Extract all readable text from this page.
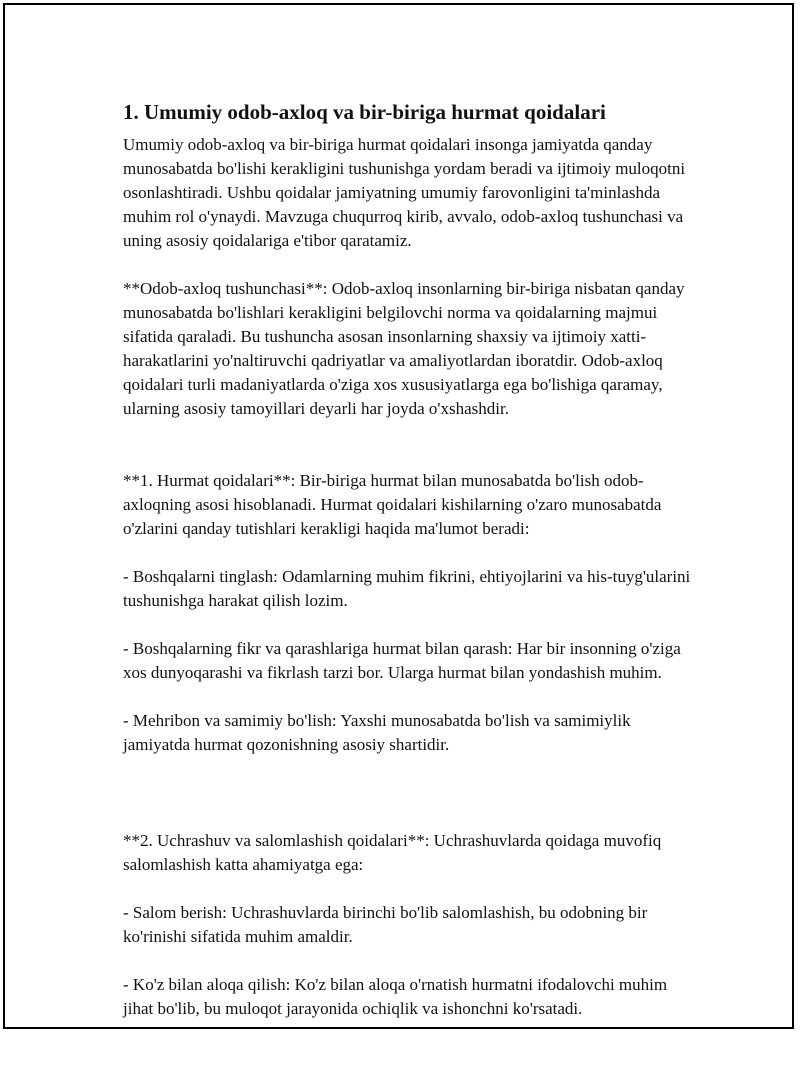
1. Umumiy odob-axloq va bir-biriga hurmat qoidalari

Umumiy odob-axloq va bir-biriga hurmat qoidalari insonga jamiyatda qanday munosabatda bo'lishi kerakligini tushunishga yordam beradi va ijtimoiy muloqotni osonlashtiradi. Ushbu qoidalar jamiyatning umumiy farovonligini ta'minlashda muhim rol o'ynaydi. Mavzuga chuqurroq kirib, avvalo, odob-axloq tushunchasi va uning asosiy qoidalariga e'tibor qaratamiz.

**Odob-axloq tushunchasi**: Odob-axloq insonlarning bir-biriga nisbatan qanday munosabatda bo'lishlari kerakligini belgilovchi norma va qoidalarning majmui sifatida qaraladi. Bu tushuncha asosan insonlarning shaxsiy va ijtimoiy xatti-harakatlarini yo'naltiruvchi qadriyatlar va amaliyotlardan iboratdir. Odob-axloq qoidalari turli madaniyatlarda o'ziga xos xususiyatlarga ega bo'lishiga qaramay, ularning asosiy tamoyillari deyarli har joyda o'xshashdir.

**1. Hurmat qoidalari**: Bir-biriga hurmat bilan munosabatda bo'lish odob-axloqning asosi hisoblanadi. Hurmat qoidalari kishilarning o'zaro munosabatda o'zlarini qanday tutishlari kerakligi haqida ma'lumot beradi:

- Boshqalarni tinglash: Odamlarning muhim fikrini, ehtiyojlarini va his-tuyg'ularini tushunishga harakat qilish lozim.

- Boshqalarning fikr va qarashlariga hurmat bilan qarash: Har bir insonning o'ziga xos dunyoqarashi va fikrlash tarzi bor. Ularga hurmat bilan yondashish muhim.

- Mehribon va samimiy bo'lish: Yaxshi munosabatda bo'lish va samimiylik jamiyatda hurmat qozonishning asosiy shartidir.

**2. Uchrashuv va salomlashish qoidalari**: Uchrashuvlarda qoidaga muvofiq salomlashish katta ahamiyatga ega:

- Salom berish: Uchrashuvlarda birinchi bo'lib salomlashish, bu odobning bir ko'rinishi sifatida muhim amaldir.

- Ko'z bilan aloqa qilish: Ko'z bilan aloqa o'rnatish hurmatni ifodalovchi muhim jihat bo'lib, bu muloqot jarayonida ochiqlik va ishonchni ko'rsatadi.
